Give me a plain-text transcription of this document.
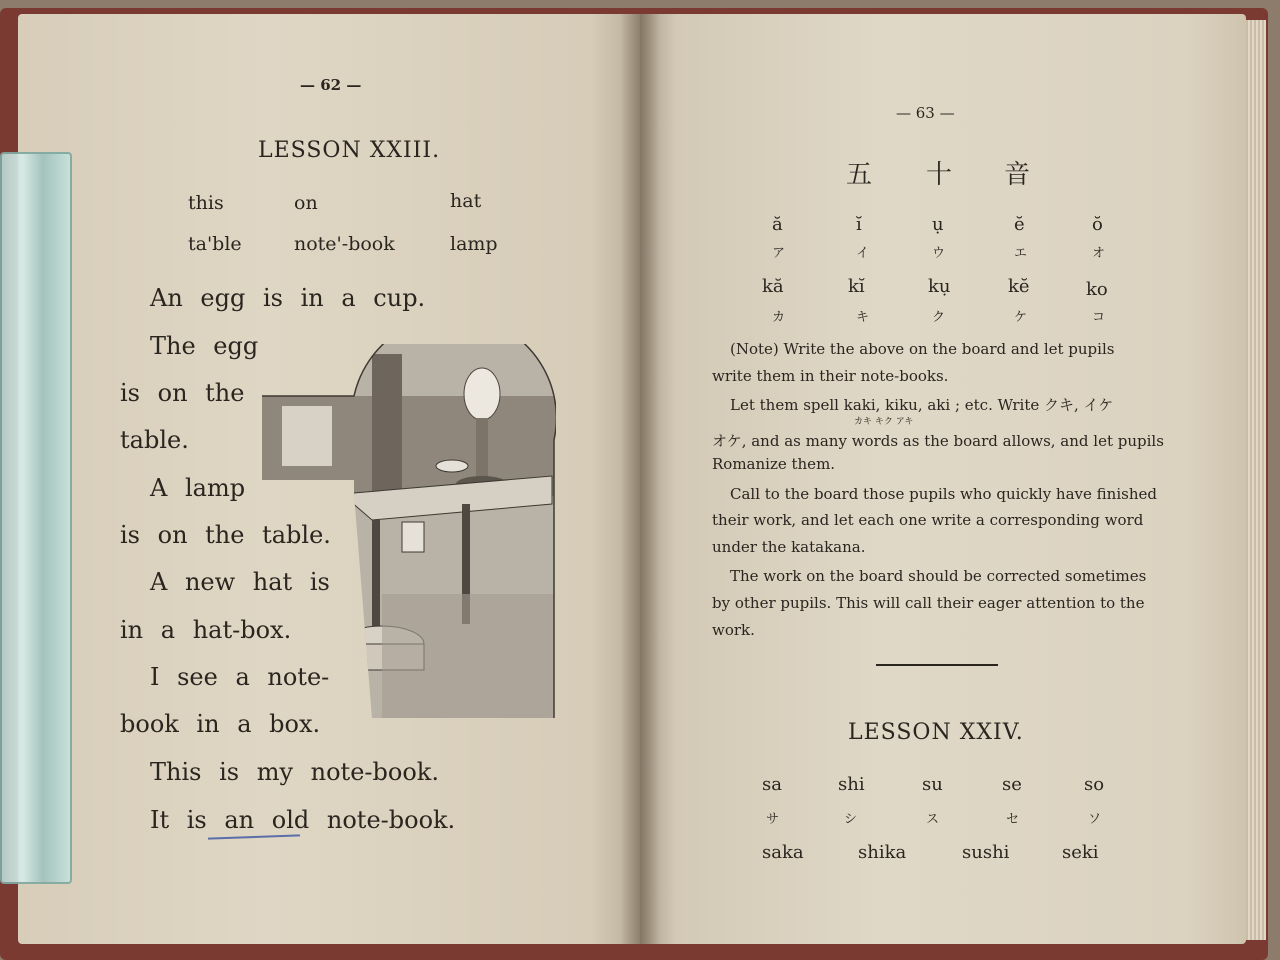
— 62 —
LESSON XXIII.
this	on	hat
ta'ble	note'-book	lamp
An egg is in a cup.
The egg
is on the
table.
A lamp
is on the table.
A new hat is
in a hat-box.
I see a note-
book in a box.
This is my note-book.
It is an old note-book.
— 63 —
五 十 音
ă	ĭ	ụ	ĕ	ŏ
ア	イ	ウ	エ	オ
kă	kĭ	kụ	kĕ	ko
カ	キ	ク	ケ	コ
(Note) Write the above on the board and let pupils
write them in their note-books.
Let them spell kaki, kiku, aki ; etc. Write クキ, イケ
カキ キク アキ
オケ, and as many words as the board allows, and let pupils
Romanize them.
Call to the board those pupils who quickly have finished
their work, and let each one write a corresponding word
under the katakana.
The work on the board should be corrected sometimes
by other pupils. This will call their eager attention to the
work.
LESSON XXIV.
sa	shi	su	se	so
サ	シ	ス	セ	ソ
saka	shika	sushi	seki
